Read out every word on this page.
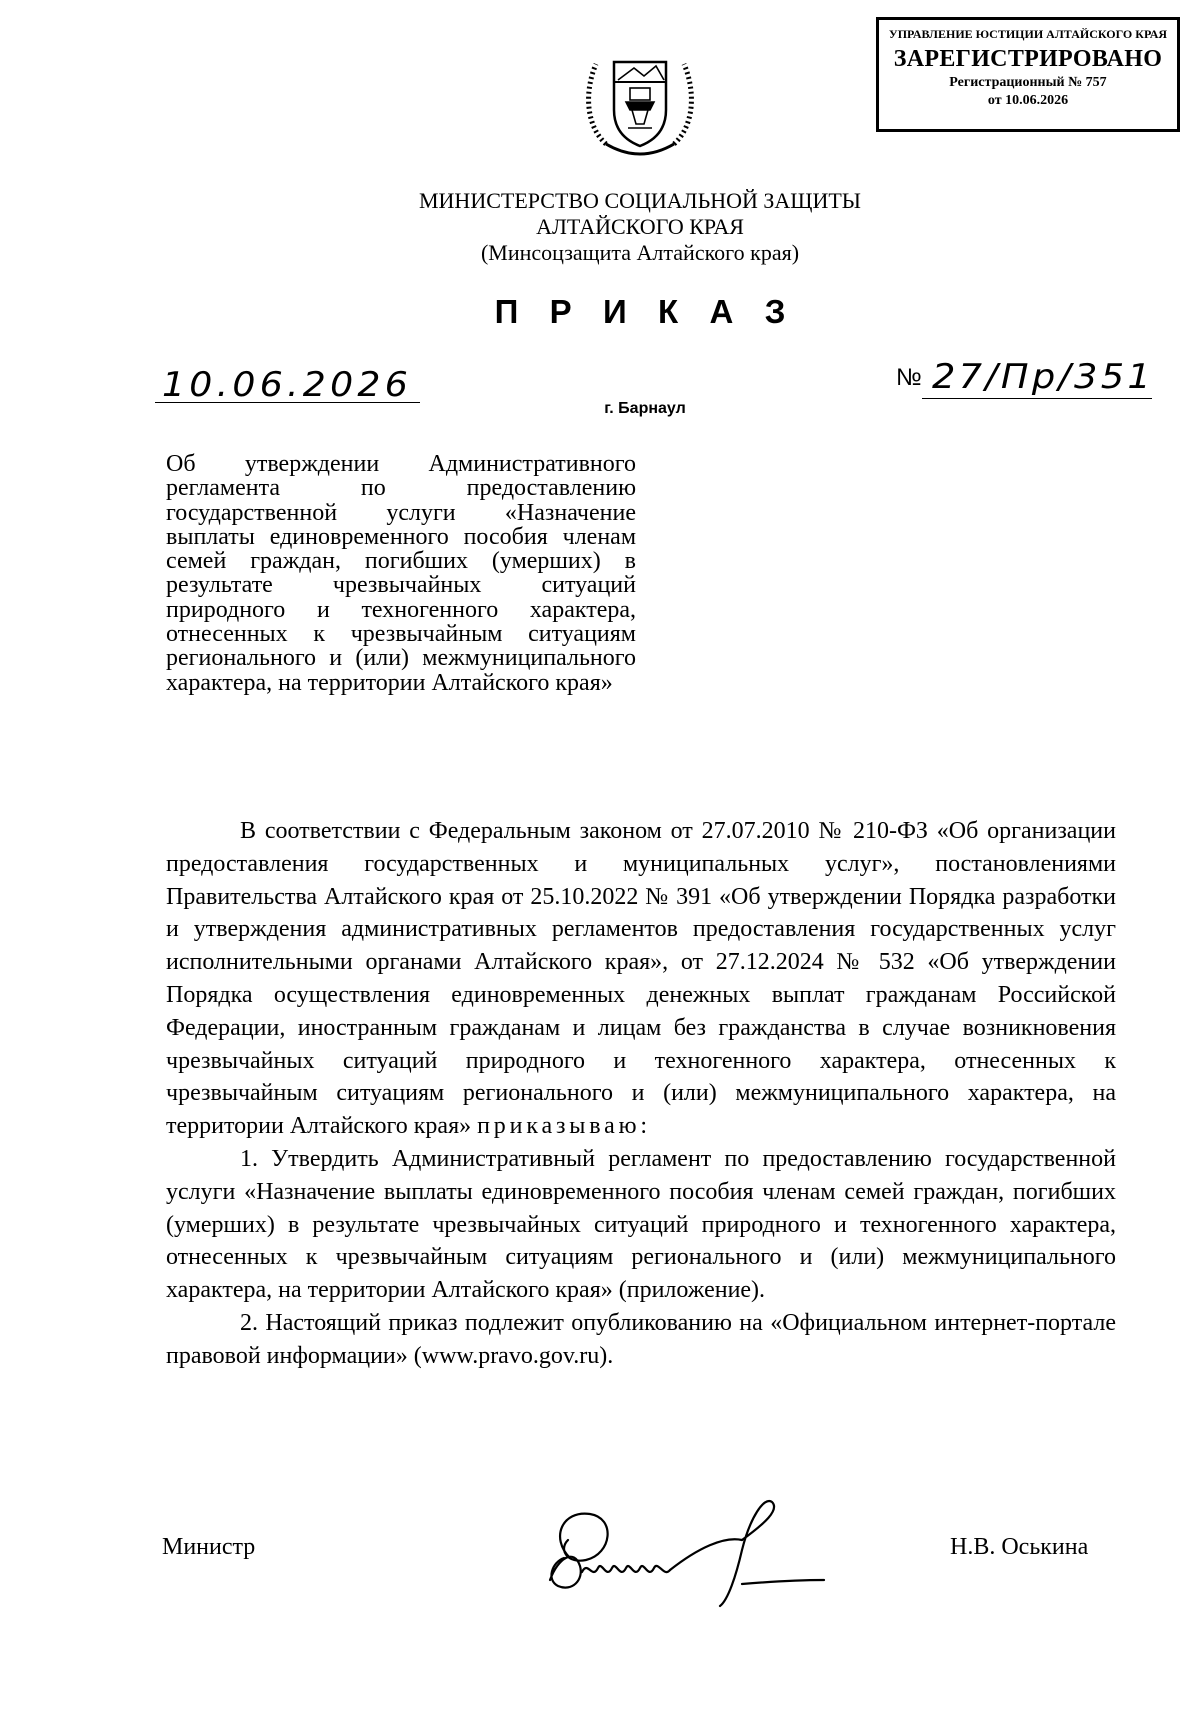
УПРАВЛЕНИЕ ЮСТИЦИИ АЛТАЙСКОГО КРАЯ
ЗАРЕГИСТРИРОВАНО
Регистрационный № 757
от 10.06.2026
МИНИСТЕРСТВО СОЦИАЛЬНОЙ ЗАЩИТЫ
АЛТАЙСКОГО КРАЯ
(Минсоцзащита Алтайского края)
ПРИКАЗ
10.06.2026	№ 27/Пр/351
г. Барнаул
Об утверждении Административного регламента по предоставлению государственной услуги «Назначение выплаты единовременного пособия членам семей граждан, погибших (умерших) в результате чрезвычайных ситуаций природного и техногенного характера, отнесенных к чрезвычайным ситуациям регионального и (или) межмуниципального характера, на территории Алтайского края»

В соответствии с Федеральным законом от 27.07.2010 № 210-ФЗ «Об организации предоставления государственных и муниципальных услуг», постановлениями Правительства Алтайского края от 25.10.2022 № 391 «Об утверждении Порядка разработки и утверждения административных регламентов предоставления государственных услуг исполнительными органами Алтайского края», от 27.12.2024 № 532 «Об утверждении Порядка осуществления единовременных денежных выплат гражданам Российской Федерации, иностранным гражданам и лицам без гражданства в случае возникновения чрезвычайных ситуаций природного и техногенного характера, отнесенных к чрезвычайным ситуациям регионального и (или) межмуниципального характера, на территории Алтайского края» приказываю:

1. Утвердить Административный регламент по предоставлению государственной услуги «Назначение выплаты единовременного пособия членам семей граждан, погибших (умерших) в результате чрезвычайных ситуаций природного и техногенного характера, отнесенных к чрезвычайным ситуациям регионального и (или) межмуниципального характера, на территории Алтайского края» (приложение).

2. Настоящий приказ подлежит опубликованию на «Официальном интернет-портале правовой информации» (www.pravo.gov.ru).

Министр	Н.В. Оськина
